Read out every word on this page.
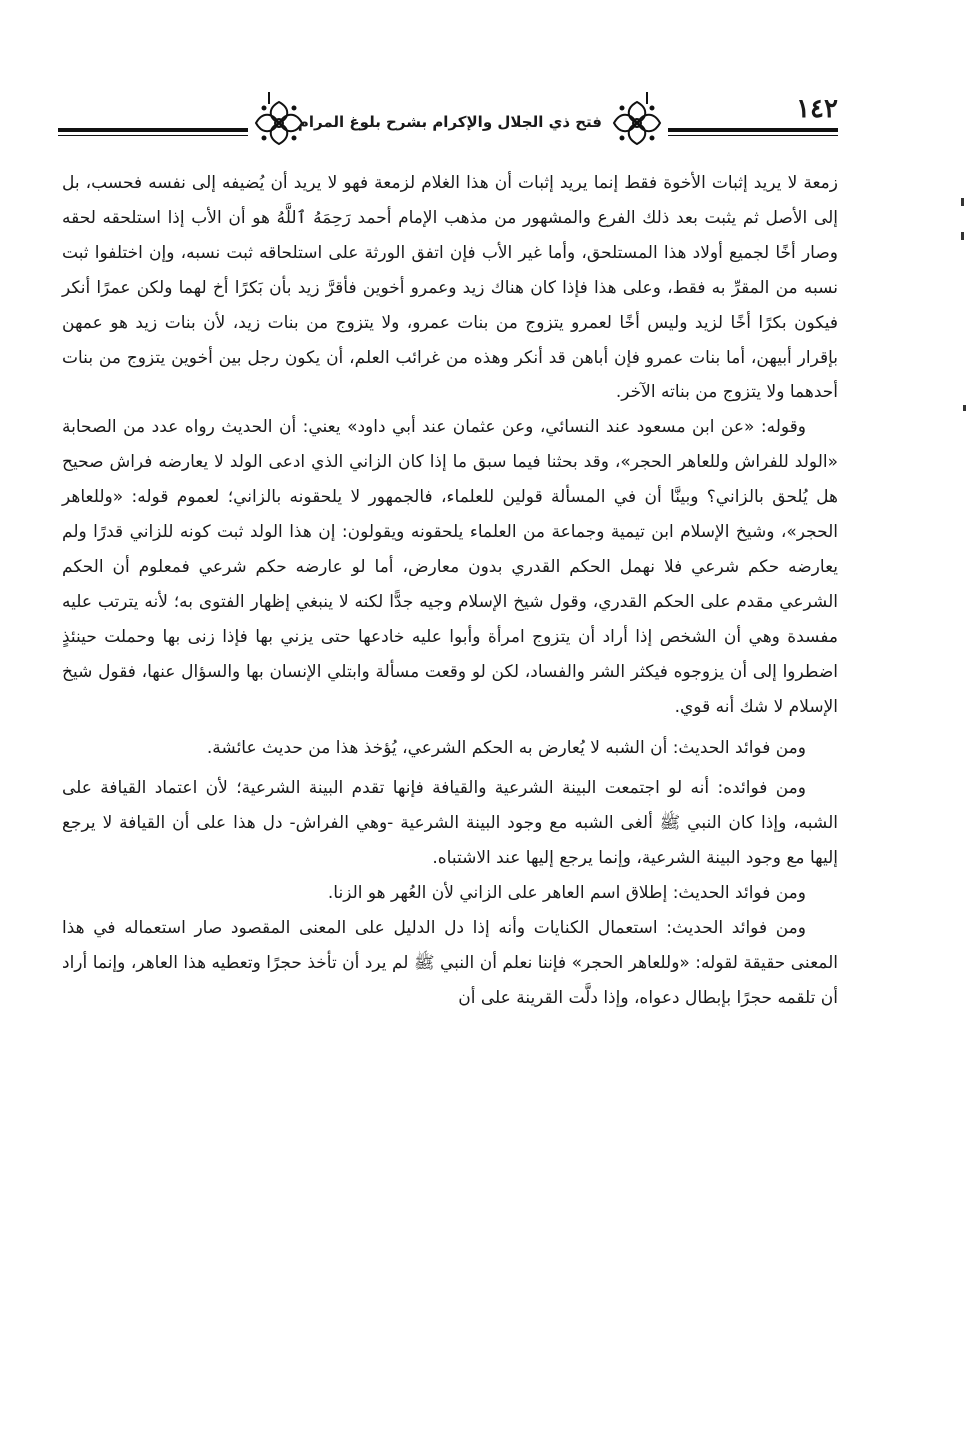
١٤٢
فتح ذي الجلال والإكرام بشرح بلوغ المرام

زمعة لا يريد إثبات الأخوة فقط إنما يريد إثبات أن هذا الغلام لزمعة فهو لا يريد أن يُضيفه إلى نفسه فحسب، بل إلى الأصل ثم يثبت بعد ذلك الفرع والمشهور من مذهب الإمام أحمد رَحِمَهُ ٱللَّهُ هو أن الأب إذا استلحقه لحقه وصار أخًا لجميع أولاد هذا المستلحق، وأما غير الأب فإن اتفق الورثة على استلحاقه ثبت نسبه، وإن اختلفوا ثبت نسبه من المقرِّ به فقط، وعلى هذا فإذا كان هناك زيد وعمرو أخوين فأقرَّ زيد بأن بَكرًا أخ لهما ولكن عمرًا أنكر فيكون بكرًا أخًا لزيد وليس أخًا لعمرو يتزوج من بنات عمرو، ولا يتزوج من بنات زيد، لأن بنات زيد هو عمهن بإقرار أبيهن، أما بنات عمرو فإن أباهن قد أنكر وهذه من غرائب العلم، أن يكون رجل بين أخوين يتزوج من بنات أحدهما ولا يتزوج من بناته الآخر.

وقوله: «عن ابن مسعود عند النسائي، وعن عثمان عند أبي داود» يعني: أن الحديث رواه عدد من الصحابة «الولد للفراش وللعاهر الحجر»، وقد بحثنا فيما سبق ما إذا كان الزاني الذي ادعى الولد لا يعارضه فراش صحيح هل يُلحق بالزاني؟ وبينَّا أن في المسألة قولين للعلماء، فالجمهور لا يلحقونه بالزاني؛ لعموم قوله: «وللعاهر الحجر»، وشيخ الإسلام ابن تيمية وجماعة من العلماء يلحقونه ويقولون: إن هذا الولد ثبت كونه للزاني قدرًا ولم يعارضه حكم شرعي فلا نهمل الحكم القدري بدون معارض، أما لو عارضه حكم شرعي فمعلوم أن الحكم الشرعي مقدم على الحكم القدري، وقول شيخ الإسلام وجيه جدًّا لكنه لا ينبغي إظهار الفتوى به؛ لأنه يترتب عليه مفسدة وهي أن الشخص إذا أراد أن يتزوج امرأة وأبوا عليه خادعها حتى يزني بها فإذا زنى بها وحملت حينئذٍ اضطروا إلى أن يزوجوه فيكثر الشر والفساد، لكن لو وقعت مسألة وابتلي الإنسان بها والسؤال عنها، فقول شيخ الإسلام لا شك أنه قوي.

ومن فوائد الحديث: أن الشبه لا يُعارض به الحكم الشرعي، يُؤخذ هذا من حديث عائشة.

ومن فوائده: أنه لو اجتمعت البينة الشرعية والقيافة فإنها تقدم البينة الشرعية؛ لأن اعتماد القيافة على الشبه، وإذا كان النبي ﷺ ألغى الشبه مع وجود البينة الشرعية -وهي الفراش- دل هذا على أن القيافة لا يرجع إليها مع وجود البينة الشرعية، وإنما يرجع إليها عند الاشتباه.

ومن فوائد الحديث: إطلاق اسم العاهر على الزاني لأن العُهر هو الزنا.

ومن فوائد الحديث: استعمال الكنايات وأنه إذا دل الدليل على المعنى المقصود صار استعماله في هذا المعنى حقيقة لقوله: «وللعاهر الحجر» فإننا نعلم أن النبي ﷺ لم يرد أن تأخذ حجرًا وتعطيه هذا العاهر، وإنما أراد أن تلقمه حجرًا بإبطال دعواه، وإذا دلَّت القرينة على أن
